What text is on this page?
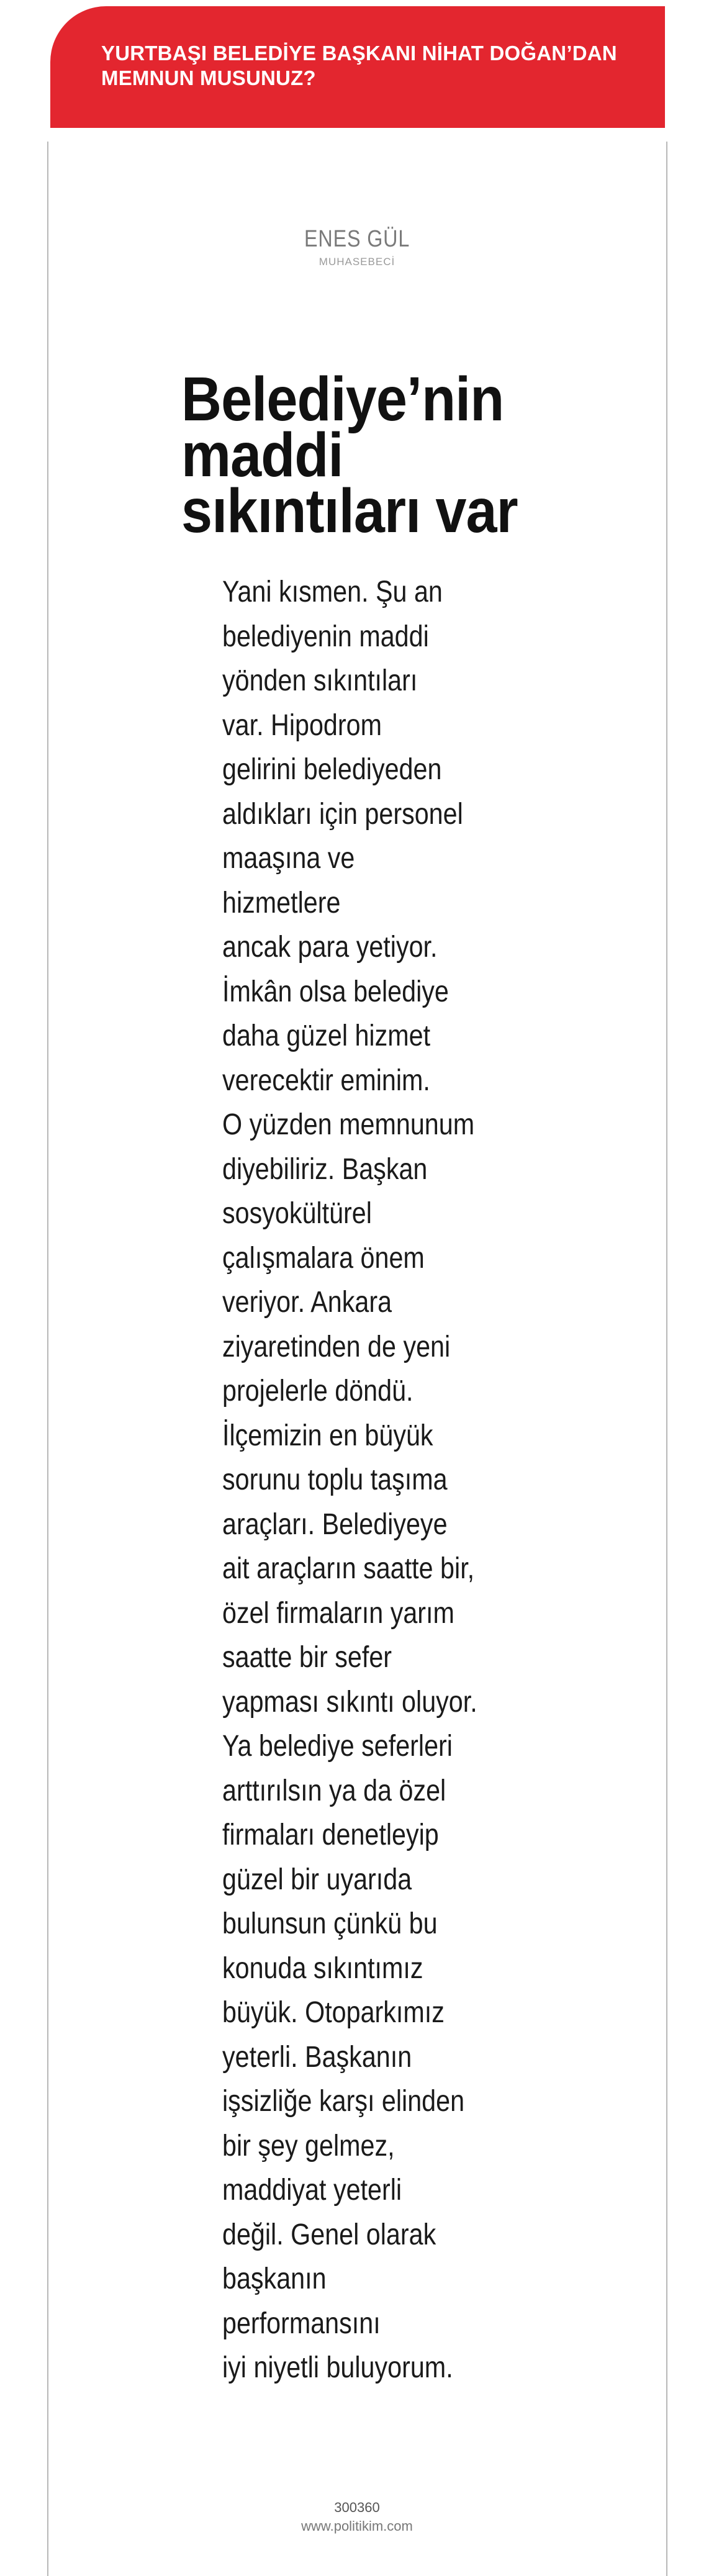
YURTBAŞI BELEDİYE BAŞKANI NİHAT DOĞAN’DAN
MEMNUN MUSUNUZ?

ENES GÜL
MUHASEBECİ
Belediye’nin
maddi
sıkıntıları var

Yani kısmen. Şu an
belediyenin maddi
yönden sıkıntıları
var. Hipodrom
gelirini belediyeden
aldıkları için personel
maaşına ve hizmetlere
ancak para yetiyor.
İmkân olsa belediye
daha güzel hizmet
verecektir eminim.
O yüzden memnunum
diyebiliriz. Başkan
sosyokültürel
çalışmalara önem
veriyor. Ankara
ziyaretinden de yeni
projelerle döndü.
İlçemizin en büyük
sorunu toplu taşıma
araçları. Belediyeye
ait araçların saatte bir,
özel firmaların yarım
saatte bir sefer
yapması sıkıntı oluyor.
Ya belediye seferleri
arttırılsın ya da özel
firmaları denetleyip
güzel bir uyarıda
bulunsun çünkü bu
konuda sıkıntımız
büyük. Otoparkımız
yeterli. Başkanın
işsizliğe karşı elinden
bir şey gelmez,
maddiyat yeterli
değil. Genel olarak
başkanın performansını
iyi niyetli buluyorum.

300360
www.politikim.com
